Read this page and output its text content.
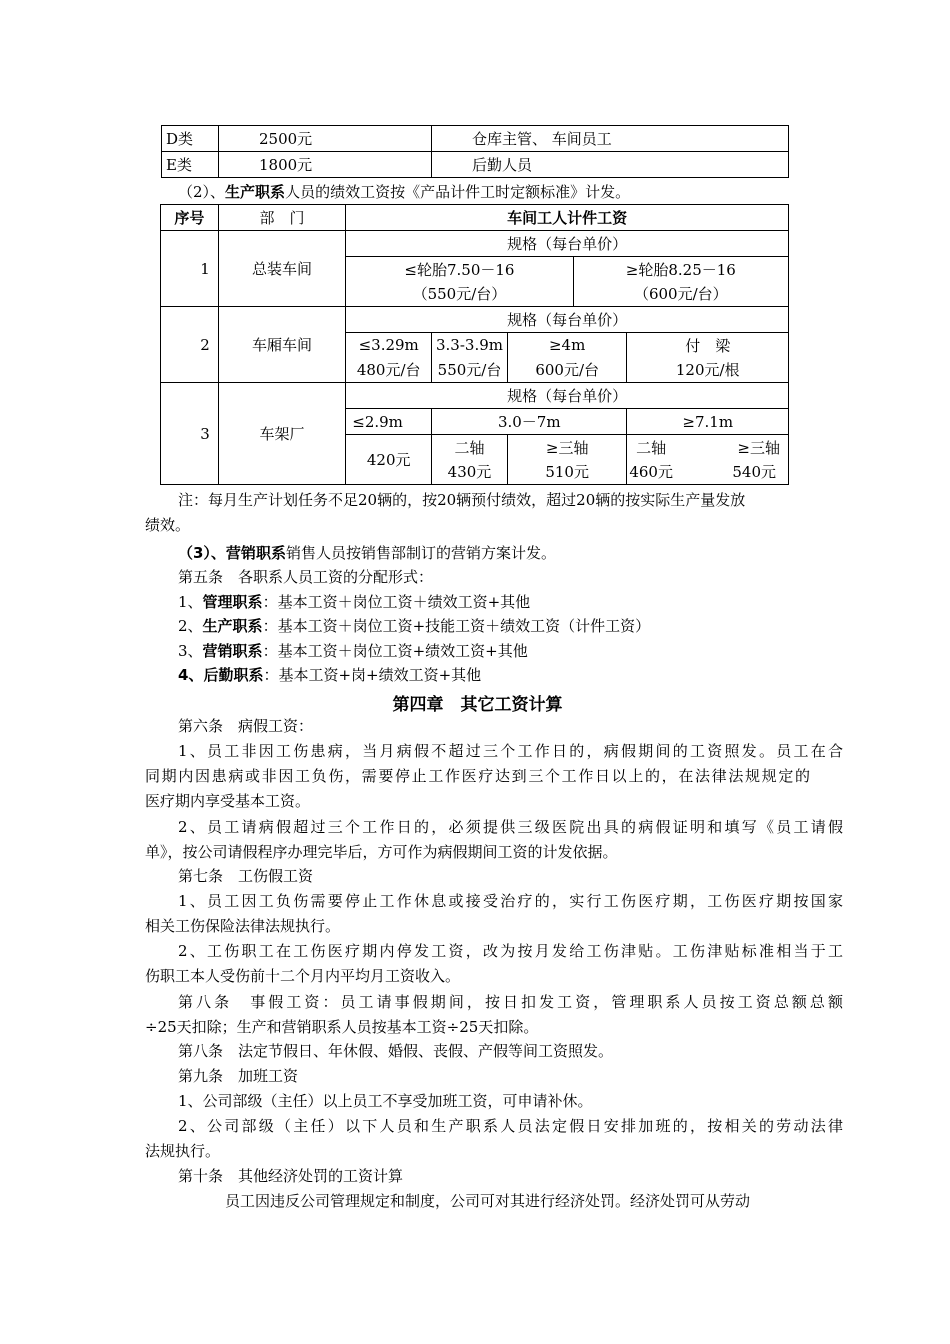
D类	2500元	仓库主管、 车间员工
E类	1800元	后勤人员
（2）、生产职系人员的绩效工资按《产品计件工时定额标准》计发。
序号	部　门	车间工人计件工资					
1	总装车间	规格（每台单价）					
		≤轮胎7.50－16			≥轮胎8.25－16		
		（550元/台）			（600元/台）		
2	车厢车间	规格（每台单价）					
		≤3.29m	3.3-3.9m	≥4m		付　梁	
		480元/台	550元/台	600元/台		120元/根	
3	车架厂	规格（每台单价）					
		≤2.9m	3.0－7m			≥7.1m	
		420元	二轴	≥三轴		二轴	≥三轴
			430元	510元		460元	540元
注：每月生产计划任务不足20辆的，按20辆预付绩效，超过20辆的按实际生产量发放
绩效。
（3）、营销职系销售人员按销售部制订的营销方案计发。
第五条　各职系人员工资的分配形式：
1、管理职系：基本工资＋岗位工资＋绩效工资+其他
2、生产职系：基本工资＋岗位工资+技能工资＋绩效工资（计件工资）
3、营销职系：基本工资＋岗位工资+绩效工资+其他
4、后勤职系：基本工资+岗+绩效工资+其他
第四章　其它工资计算
第六条　病假工资：
1、员工非因工伤患病，当月病假不超过三个工作日的，病假期间的工资照发。员工在合
同期内因患病或非因工负伤，需要停止工作医疗达到三个工作日以上的，在法律法规规定的
医疗期内享受基本工资。
2、员工请病假超过三个工作日的，必须提供三级医院出具的病假证明和填写《员工请假
单》，按公司请假程序办理完毕后，方可作为病假期间工资的计发依据。
第七条　工伤假工资
1、员工因工负伤需要停止工作休息或接受治疗的，实行工伤医疗期，工伤医疗期按国家
相关工伤保险法律法规执行。
2、工伤职工在工伤医疗期内停发工资，改为按月发给工伤津贴。工伤津贴标准相当于工
伤职工本人受伤前十二个月内平均月工资收入。
第八条　事假工资：员工请事假期间，按日扣发工资，管理职系人员按工资总额总额
÷25天扣除；生产和营销职系人员按基本工资÷25天扣除。
第八条　法定节假日、年休假、婚假、丧假、产假等间工资照发。
第九条　加班工资
1、公司部级（主任）以上员工不享受加班工资，可申请补休。
2、公司部级（主任）以下人员和生产职系人员法定假日安排加班的，按相关的劳动法律
法规执行。
第十条　其他经济处罚的工资计算
员工因违反公司管理规定和制度，公司可对其进行经济处罚。经济处罚可从劳动
